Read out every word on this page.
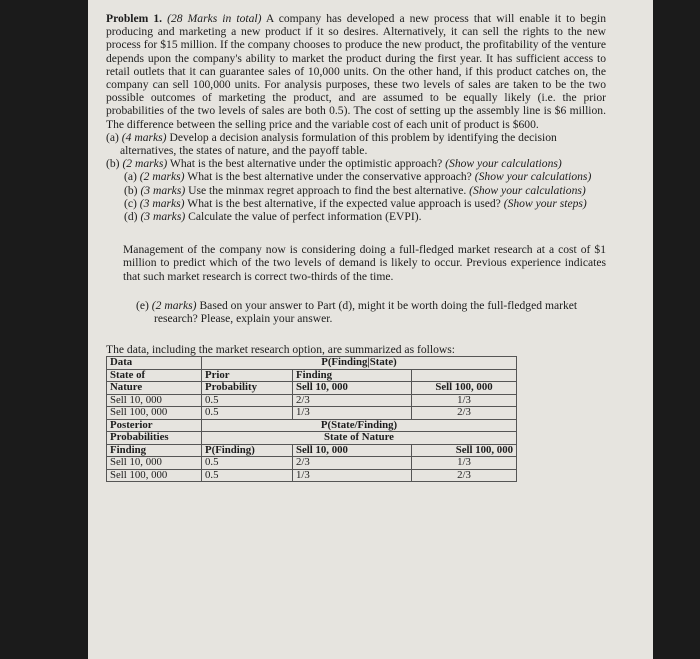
Problem 1. (28 Marks in total) A company has developed a new process that will enable it to begin producing and marketing a new product if it so desires. Alternatively, it can sell the rights to the new process for $15 million. If the company chooses to produce the new product, the profitability of the venture depends upon the company's ability to market the product during the first year. It has sufficient access to retail outlets that it can guarantee sales of 10,000 units. On the other hand, if this product catches on, the company can sell 100,000 units. For analysis purposes, these two levels of sales are taken to be the two possible outcomes of marketing the product, and are assumed to be equally likely (i.e. the prior probabilities of the two levels of sales are both 0.5). The cost of setting up the assembly line is $6 million. The difference between the selling price and the variable cost of each unit of product is $600.

(a) (4 marks) Develop a decision analysis formulation of this problem by identifying the decision alternatives, the states of nature, and the payoff table.

(b) (2 marks) What is the best alternative under the optimistic approach? (Show your calculations)

(a) (2 marks) What is the best alternative under the conservative approach? (Show your calculations)

(b) (3 marks) Use the minmax regret approach to find the best alternative. (Show your calculations)

(c) (3 marks) What is the best alternative, if the expected value approach is used? (Show your steps)

(d) (3 marks) Calculate the value of perfect information (EVPI).

Management of the company now is considering doing a full-fledged market research at a cost of $1 million to predict which of the two levels of demand is likely to occur. Previous experience indicates that such market research is correct two-thirds of the time.

(e) (2 marks) Based on your answer to Part (d), might it be worth doing the full-fledged market research? Please, explain your answer.

The data, including the market research option, are summarized as follows:

Data	P(Finding|State)		
State of	Prior	Finding	
Nature	Probability	Sell 10, 000	Sell 100, 000
Sell 10, 000	0.5	2/3	1/3
Sell 100, 000	0.5	1/3	2/3
Posterior	P(State/Finding)		
Probabilities	State of Nature		
Finding	P(Finding)	Sell 10, 000	Sell 100, 000
Sell 10, 000	0.5	2/3	1/3
Sell 100, 000	0.5	1/3	2/3
